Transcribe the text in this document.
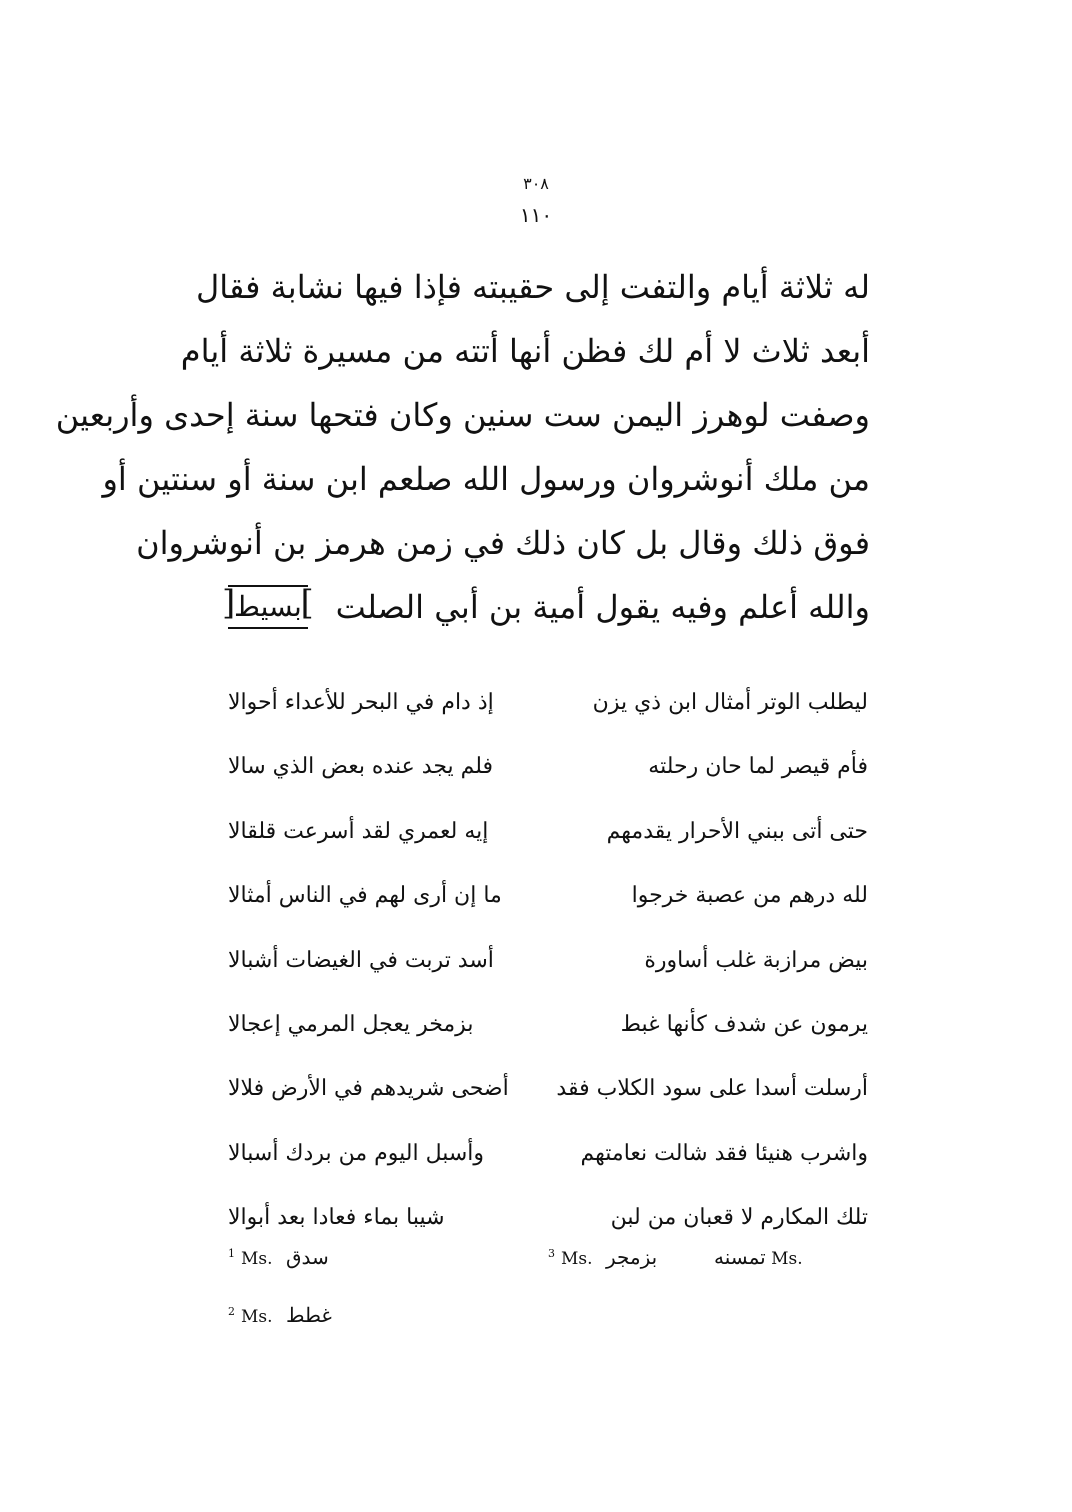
٣٠٨
١١٠
له ثلاثة أيام والتفت إلى حقيبته فإذا فيها نشابة فقال
أبعد ثلاث لا أم لك فظن أنها أتته من مسيرة ثلاثة أيام
وصفت لوهرز اليمن ست سنين وكان فتحها سنة إحدى وأربعين
من ملك أنوشروان ورسول الله صلعم ابن سنة أو سنتين أو
فوق ذلك وقال بل كان ذلك في زمن هرمز بن أنوشروان
والله أعلم وفيه يقول أمية بن أبي الصلت
[ بسيط ]
ليطلب الوتر أمثال ابن ذي يزن
إذ دام في البحر للأعداء أحوالا
فأم قيصر لما حان رحلته
فلم يجد عنده بعض الذي سالا
حتى أتى ببني الأحرار يقدمهم
إيه لعمري لقد أسرعت قلقالا
لله درهم من عصبة خرجوا
ما إن أرى لهم في الناس أمثالا
بيض مرازبة غلب أساورة
أسد تربت في الغيضات أشبالا
يرمون عن شدف كأنها غبط
بزمخر يعجل المرمي إعجالا
أرسلت أسدا على سود الكلاب فقد
أضحى شريدهم في الأرض فلالا
واشرب هنيئا فقد شالت نعامتهم
وأسبل اليوم من بردك أسبالا
تلك المكارم لا قعبان من لبن
شيبا بماء فعادا بعد أبوالا
$^1$ Ms. سدق	$^3$ Ms. بزمجر	تمسنه Ms.
$^2$ Ms. غطط
